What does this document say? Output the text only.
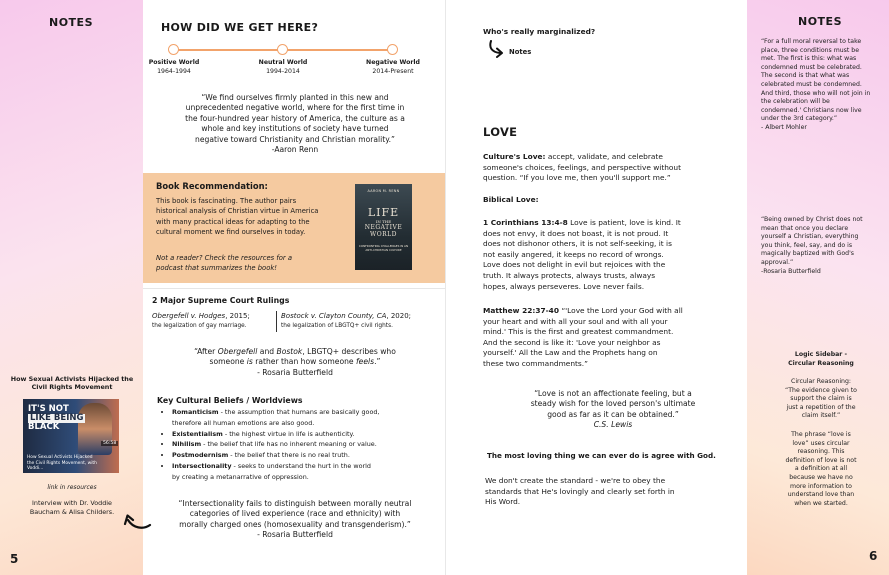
NOTES
How Sexual Activists Hijacked the
Civil Rights Movement
IT'S NOT
LIKE BEING
BLACK
How Sexual Activists Hijacked the Civil Rights Movement, with Voddi...
56:58
link in resources
Interview with Dr. Voddie
Baucham & Alisa Childers.
5
HOW DID WE GET HERE?
Positive World
1964-1994
Neutral World
1994-2014
Negative World
2014-Present
“We find ourselves firmly planted in this new and
unprecedented negative world, where for the first time in
the four-hundred year history of America, the culture as a
whole and key institutions of society have turned
negative toward Christianity and Christian morality.”
-Aaron Renn
Book Recommendation:
This book is fascinating. The author pairs
historical analysis of Christian virtue in America
with many practical ideas for adapting to the
cultural moment we find ourselves in today.
Not a reader? Check the resources for a
podcast that summarizes the book!
AARON M. RENN
LIFE
IN THE
NEGATIVE
WORLD
CONFRONTING CHALLENGES IN AN ANTI-CHRISTIAN CULTURE
2 Major Supreme Court Rulings
Obergefell v. Hodges, 2015;
the legalization of gay marriage.
Bostock v. Clayton County, CA, 2020;
the legalization of LBGTQ+ civil rights.
“After Obergefell and Bostok, LBGTQ+ describes who
someone is rather than how someone feels.”
- Rosaria Butterfield
Key Cultural Beliefs / Worldviews
• Romanticism - the assumption that humans are basically good,
therefore all human emotions are also good.
• Existentialism - the highest virtue in life is authenticity.
• Nihilism - the belief that life has no inherent meaning or value.
• Postmodernism - the belief that there is no real truth.
• Intersectionality - seeks to understand the hurt in the world
by creating a metanarrative of oppression.
“Intersectionality fails to distinguish between morally neutral
categories of lived experience (race and ethnicity) with
morally charged ones (homosexuality and transgenderism).”
- Rosaria Butterfield
Who's really marginalized?
Notes
LOVE
Culture's Love: accept, validate, and celebrate
someone's choices, feelings, and perspective without
question. “If you love me, then you'll support me.”
Biblical Love:
1 Corinthians 13:4-8 Love is patient, love is kind. It
does not envy, it does not boast, it is not proud. It
does not dishonor others, it is not self-seeking, it is
not easily angered, it keeps no record of wrongs.
Love does not delight in evil but rejoices with the
truth. It always protects, always trusts, always
hopes, always perseveres. Love never fails.
Matthew 22:37-40 “'Love the Lord your God with all
your heart and with all your soul and with all your
mind.' This is the first and greatest commandment.
And the second is like it: 'Love your neighbor as
yourself.' All the Law and the Prophets hang on
these two commandments.”
“Love is not an affectionate feeling, but a
steady wish for the loved person's ultimate
good as far as it can be obtained.”
C.S. Lewis
The most loving thing we can ever do is agree with God.
We don't create the standard - we're to obey the
standards that He's lovingly and clearly set forth in
His Word.
NOTES
“For a full moral reversal to take
place, three conditions must be
met. The first is this: what was
condemned must be celebrated.
The second is that what was
celebrated must be condemned.
And third, those who will not join in
the celebration will be
condemned.' Christians now live
under the 3rd category.”
- Albert Mohler
“Being owned by Christ does not
mean that once you declare
yourself a Christian, everything
you think, feel, say, and do is
magically baptized with God's
approval.”
-Rosaria Butterfield
Logic Sidebar -
Circular Reasoning
Circular Reasoning:
“The evidence given to
support the claim is
just a repetition of the
claim itself.”
The phrase “love is
love” uses circular
reasoning. This
definition of love is not
a definition at all
because we have no
more information to
understand love than
when we started.
6
